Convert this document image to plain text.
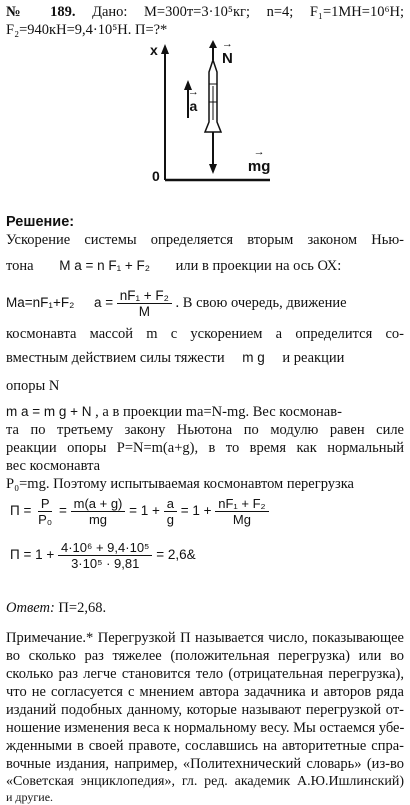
№ 189. Дано: M=300т=3·10⁵кг; n=4; F₁=1MH=10⁶H;
F₂=940кН=9,4·10⁵Н. П=?*
x
0
→ N → a → mg
Решение:
Ускорение системы определяется вторым законом Нью-
тона M a = n F₁ + F₂ или в проекции на ось ОХ:
Ma=nF₁+F₂ $a = \frac{\text{nF₁ + F₂}}{M}$ . В свою очередь, движение
космонавта массой m с ускорением a определится со-
вместным действием силы тяжести m g и реакции
опоры N
m a = m g + N , а в проекции ma=N-mg. Вес космонав-
та по третьему закону Ньютона по модулю равен силе
реакции опоры P=N=m(a+g), в то время как нормальный
вес космонавта
P₀=mg. Поэтому испытываемая космонавтом перегрузка
$П = \frac{P}{\text{P₀}} = \frac{m(a + g)}{mg} = 1 + \frac{a}{g} = 1 + \frac{\text{nF₁ + F₂}}{Mg}$
$П = 1 + \frac{\text{4·10⁶ + 9,4·10⁵}}{\text{3·10⁵ · 9,81}}$ = 2,6&
Ответ: П=2,68.
Примечание.* Перегрузкой П называется число, показывающее
во сколько раз тяжелее (положительная перегрузка) или во
сколько раз легче становится тело (отрицательная перегрузка),
что не согласуется с мнением автора задачника и авторов ряда
изданий подобных данному, которые называют перегрузкой от-
ношение изменения веса к нормальному весу. Мы остаемся убе-
жденными в своей правоте, сославшись на авторитетные спра-
вочные издания, например, «Политехнический словарь» (из-во
«Советская энциклопедия», гл. ред. академик А.Ю.Ишлинский)
и другие.
